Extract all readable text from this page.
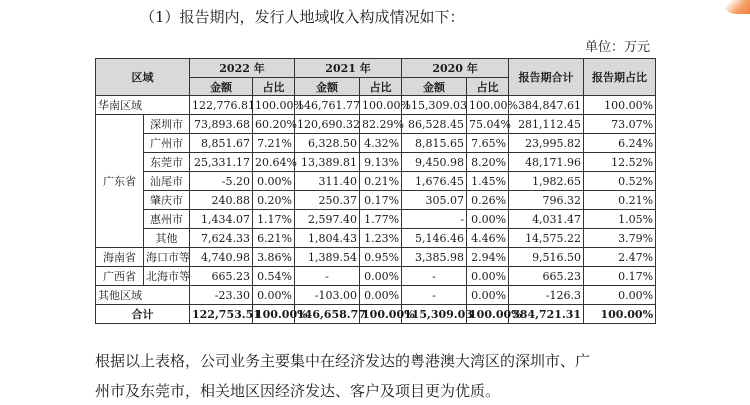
（1）报告期内，发行人地域收入构成情况如下：
单位：万元
区域		2022 年		2021 年		2020 年		报告期合计	报告期占比
		金额	占比	金额	占比	金额	占比		
华南区域		122,776.81	100.00%	146,761.77	100.00%	115,309.03	100.00%	384,847.61	100.00%
广东省	深圳市	73,893.68	60.20%	120,690.32	82.29%	86,528.45	75.04%	281,112.45	73.07%
	广州市	8,851.67	7.21%	6,328.50	4.32%	8,815.65	7.65%	23,995.82	6.24%
	东莞市	25,331.17	20.64%	13,389.81	9.13%	9,450.98	8.20%	48,171.96	12.52%
	汕尾市	-5.20	0.00%	311.40	0.21%	1,676.45	1.45%	1,982.65	0.52%
	肇庆市	240.88	0.20%	250.37	0.17%	305.07	0.26%	796.32	0.21%
	惠州市	1,434.07	1.17%	2,597.40	1.77%	-	0.00%	4,031.47	1.05%
	其他	7,624.33	6.21%	1,804.43	1.23%	5,146.46	4.46%	14,575.22	3.79%
海南省	海口市等	4,740.98	3.86%	1,389.54	0.95%	3,385.98	2.94%	9,516.50	2.47%
广西省	北海市等	665.23	0.54%	-	0.00%	-	0.00%	665.23	0.17%
其他区域		-23.30	0.00%	-103.00	0.00%	-	0.00%	-126.3	0.00%
合计		122,753.51	100.00%	146,658.77	100.00%	115,309.03	100.00%	384,721.31	100.00%
根据以上表格，公司业务主要集中在经济发达的粤港澳大湾区的深圳市、广
州市及东莞市，相关地区因经济发达、客户及项目更为优质。
